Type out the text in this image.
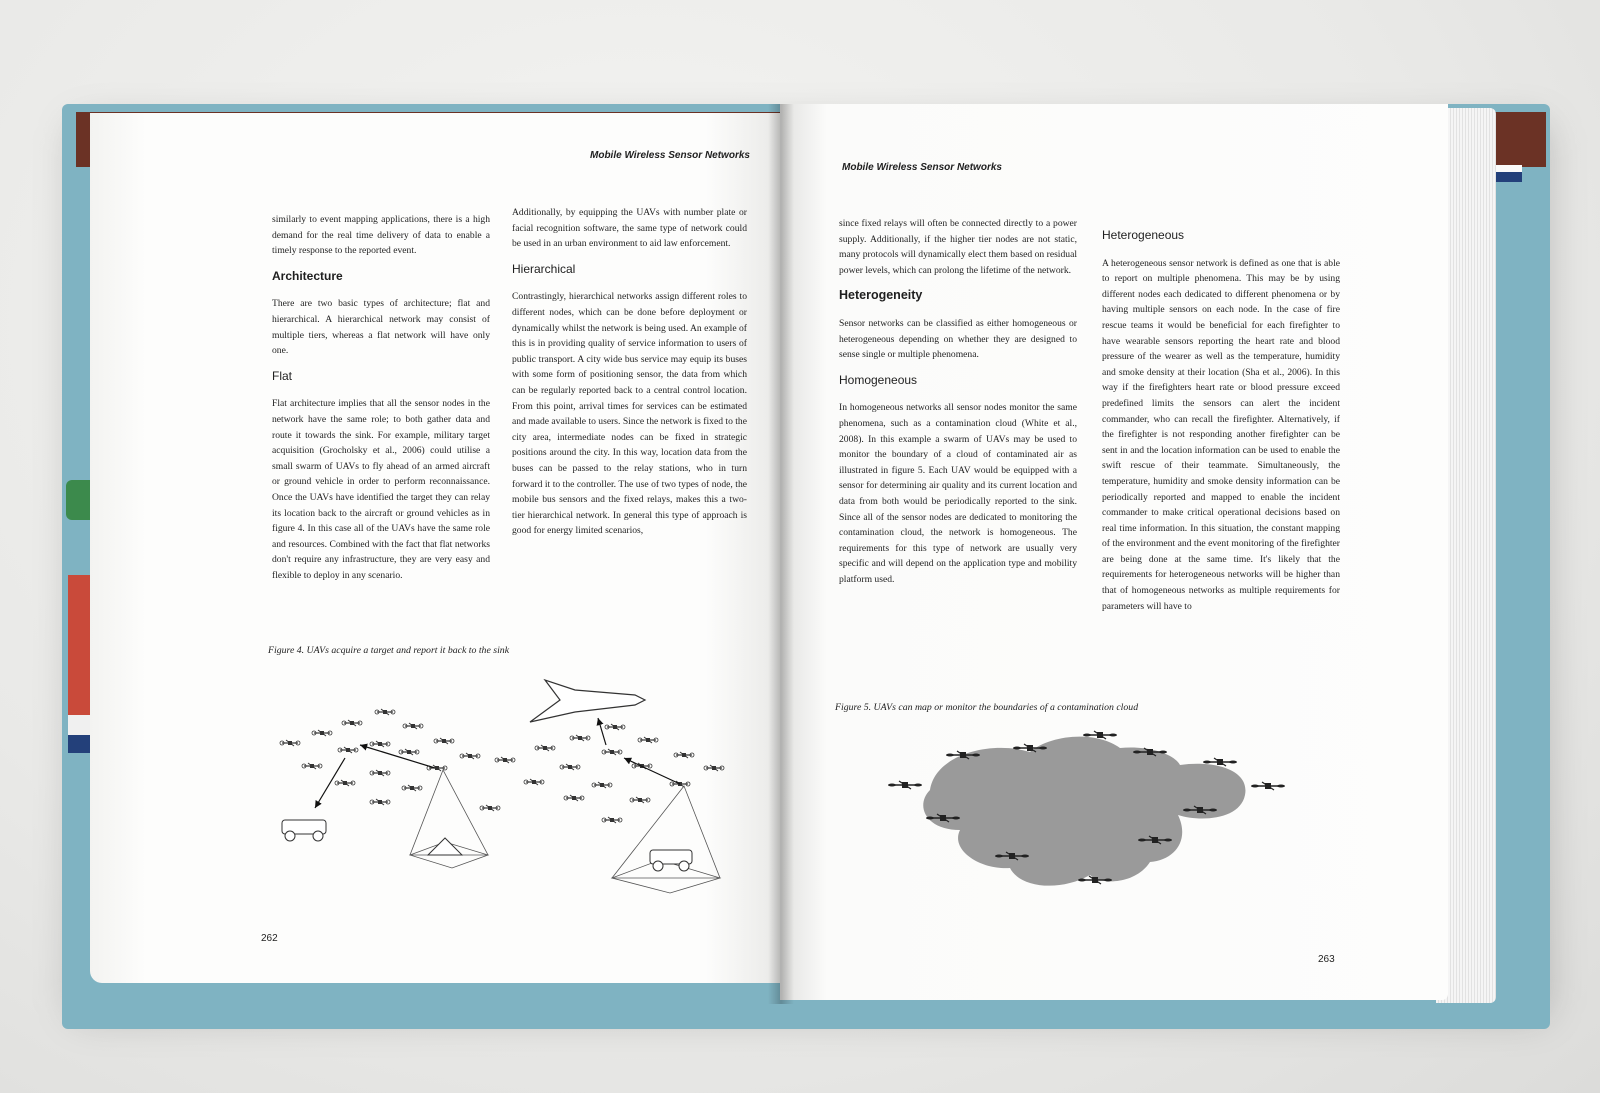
Mobile Wireless Sensor Networks

similarly to event mapping applications, there is a high demand for the real time delivery of data to enable a timely response to the reported event.

Architecture

There are two basic types of architecture; flat and hierarchical. A hierarchical network may consist of multiple tiers, whereas a flat network will have only one.

Flat

Flat architecture implies that all the sensor nodes in the network have the same role; to both gather data and route it towards the sink. For example, military target acquisition (Grocholsky et al., 2006) could utilise a small swarm of UAVs to fly ahead of an armed aircraft or ground vehicle in order to perform reconnaissance. Once the UAVs have identified the target they can relay its location back to the aircraft or ground vehicles as in figure 4. In this case all of the UAVs have the same role and resources. Combined with the fact that flat networks don't require any infrastructure, they are very easy and flexible to deploy in any scenario.

Additionally, by equipping the UAVs with number plate or facial recognition software, the same type of network could be used in an urban environment to aid law enforcement.

Hierarchical

Contrastingly, hierarchical networks assign different roles to different nodes, which can be done before deployment or dynamically whilst the network is being used. An example of this is in providing quality of service information to users of public transport. A city wide bus service may equip its buses with some form of positioning sensor, the data from which can be regularly reported back to a central control location. From this point, arrival times for services can be estimated and made available to users. Since the network is fixed to the city area, intermediate nodes can be fixed in strategic positions around the city. In this way, location data from the buses can be passed to the relay stations, who in turn forward it to the controller. The use of two types of node, the mobile bus sensors and the fixed relays, makes this a two-tier hierarchical network. In general this type of approach is good for energy limited scenarios,

Figure 4. UAVs acquire a target and report it back to the sink
262
Mobile Wireless Sensor Networks

since fixed relays will often be connected directly to a power supply. Additionally, if the higher tier nodes are not static, many protocols will dynamically elect them based on residual power levels, which can prolong the lifetime of the network.

Heterogeneity

Sensor networks can be classified as either homogeneous or heterogeneous depending on whether they are designed to sense single or multiple phenomena.

Homogeneous

In homogeneous networks all sensor nodes monitor the same phenomena, such as a contamination cloud (White et al., 2008). In this example a swarm of UAVs may be used to monitor the boundary of a cloud of contaminated air as illustrated in figure 5. Each UAV would be equipped with a sensor for determining air quality and its current location and data from both would be periodically reported to the sink. Since all of the sensor nodes are dedicated to monitoring the contamination cloud, the network is homogeneous. The requirements for this type of network are usually very specific and will depend on the application type and mobility platform used.

Heterogeneous

A heterogeneous sensor network is defined as one that is able to report on multiple phenomena. This may be by using different nodes each dedicated to different phenomena or by having multiple sensors on each node. In the case of fire rescue teams it would be beneficial for each firefighter to have wearable sensors reporting the heart rate and blood pressure of the wearer as well as the temperature, humidity and smoke density at their location (Sha et al., 2006). In this way if the firefighters heart rate or blood pressure exceed predefined limits the sensors can alert the incident commander, who can recall the firefighter. Alternatively, if the firefighter is not responding another firefighter can be sent in and the location information can be used to enable the swift rescue of their teammate. Simultaneously, the temperature, humidity and smoke density information can be periodically reported and mapped to enable the incident commander to make critical operational decisions based on real time information. In this situation, the constant mapping of the environment and the event monitoring of the firefighter are being done at the same time. It's likely that the requirements for heterogeneous networks will be higher than that of homogeneous networks as multiple requirements for parameters will have to

Figure 5. UAVs can map or monitor the boundaries of a contamination cloud
263
